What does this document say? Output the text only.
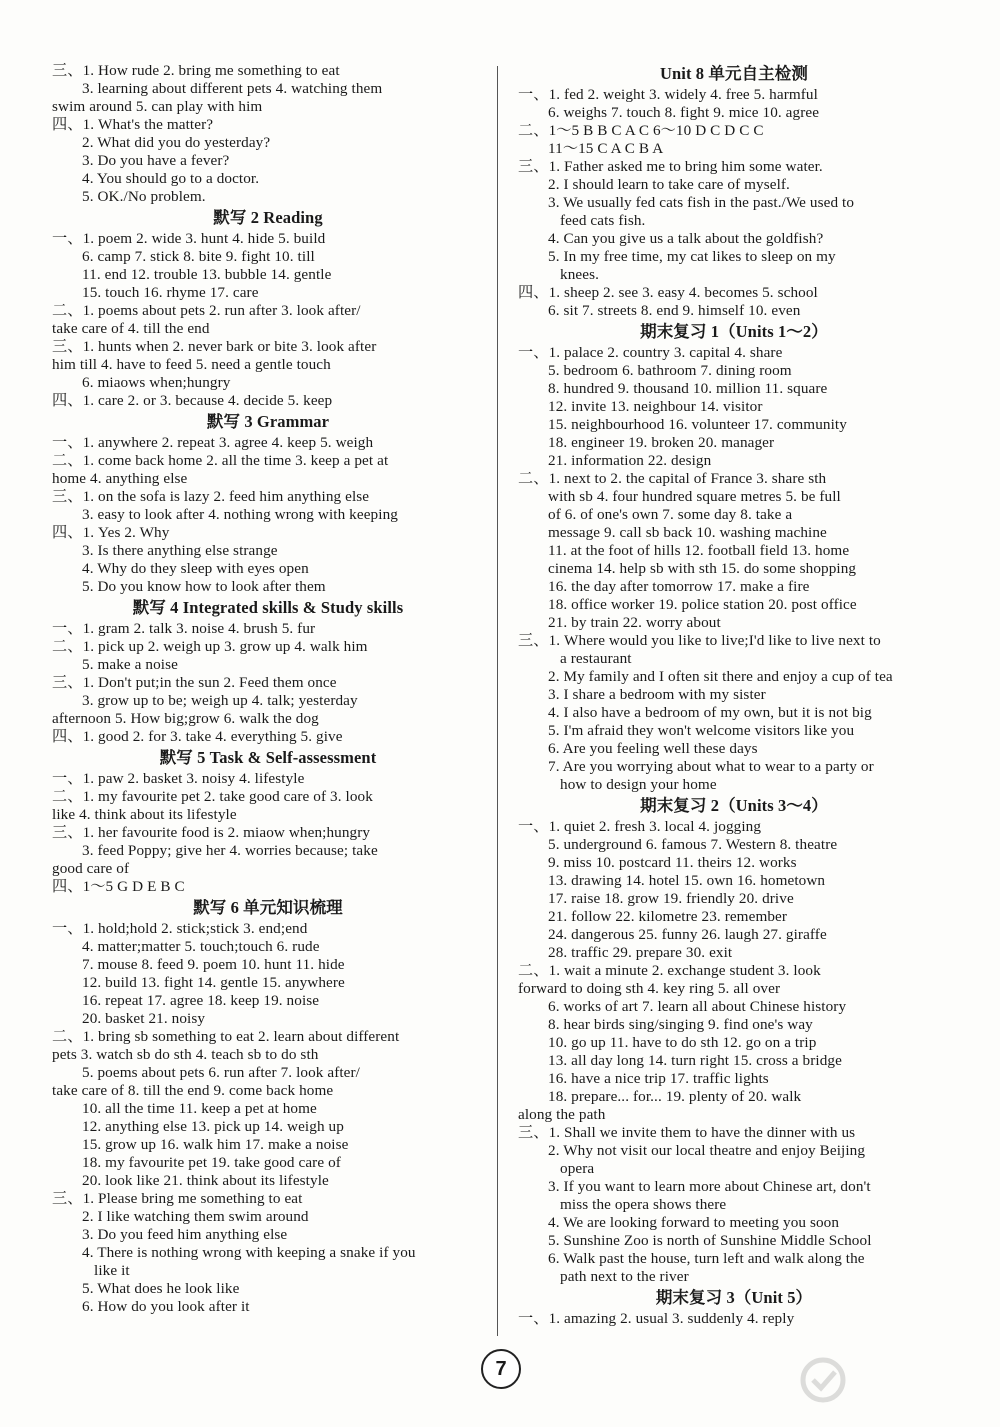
三、1. How rude 2. bring me something to eat
3. learning about different pets 4. watching them
swim around 5. can play with him
四、1. What's the matter?
2. What did you do yesterday?
3. Do you have a fever?
4. You should go to a doctor.
5. OK./No problem.
默写 2 Reading
一、1. poem 2. wide 3. hunt 4. hide 5. build
6. camp 7. stick 8. bite 9. fight 10. till
11. end 12. trouble 13. bubble 14. gentle
15. touch 16. rhyme 17. care
二、1. poems about pets 2. run after 3. look after/
take care of 4. till the end
三、1. hunts when 2. never bark or bite 3. look after
him till 4. have to feed 5. need a gentle touch
6. miaows when;hungry
四、1. care 2. or 3. because 4. decide 5. keep
默写 3 Grammar
一、1. anywhere 2. repeat 3. agree 4. keep 5. weigh
二、1. come back home 2. all the time 3. keep a pet at
home 4. anything else
三、1. on the sofa is lazy 2. feed him anything else
3. easy to look after 4. nothing wrong with keeping
四、1. Yes 2. Why
3. Is there anything else strange
4. Why do they sleep with eyes open
5. Do you know how to look after them
默写 4 Integrated skills & Study skills
一、1. gram 2. talk 3. noise 4. brush 5. fur
二、1. pick up 2. weigh up 3. grow up 4. walk him
5. make a noise
三、1. Don't put;in the sun 2. Feed them once
3. grow up to be; weigh up 4. talk; yesterday
afternoon 5. How big;grow 6. walk the dog
四、1. good 2. for 3. take 4. everything 5. give
默写 5 Task & Self-assessment
一、1. paw 2. basket 3. noisy 4. lifestyle
二、1. my favourite pet 2. take good care of 3. look
like 4. think about its lifestyle
三、1. her favourite food is 2. miaow when;hungry
3. feed Poppy; give her 4. worries because; take
good care of
四、1～5 G D E B C
默写 6 单元知识梳理
一、1. hold;hold 2. stick;stick 3. end;end
4. matter;matter 5. touch;touch 6. rude
7. mouse 8. feed 9. poem 10. hunt 11. hide
12. build 13. fight 14. gentle 15. anywhere
16. repeat 17. agree 18. keep 19. noise
20. basket 21. noisy
二、1. bring sb something to eat 2. learn about different
pets 3. watch sb do sth 4. teach sb to do sth
5. poems about pets 6. run after 7. look after/
take care of 8. till the end 9. come back home
10. all the time 11. keep a pet at home
12. anything else 13. pick up 14. weigh up
15. grow up 16. walk him 17. make a noise
18. my favourite pet 19. take good care of
20. look like 21. think about its lifestyle
三、1. Please bring me something to eat
2. I like watching them swim around
3. Do you feed him anything else
4. There is nothing wrong with keeping a snake if you
like it
5. What does he look like
6. How do you look after it
Unit 8 单元自主检测
一、1. fed 2. weight 3. widely 4. free 5. harmful
6. weighs 7. touch 8. fight 9. mice 10. agree
二、1～5 B B C A C 6～10 D C D C C
11～15 C A C B A
三、1. Father asked me to bring him some water.
2. I should learn to take care of myself.
3. We usually fed cats fish in the past./We used to
feed cats fish.
4. Can you give us a talk about the goldfish?
5. In my free time, my cat likes to sleep on my
knees.
四、1. sheep 2. see 3. easy 4. becomes 5. school
6. sit 7. streets 8. end 9. himself 10. even
期末复习 1（Units 1～2）
一、1. palace 2. country 3. capital 4. share
5. bedroom 6. bathroom 7. dining room
8. hundred 9. thousand 10. million 11. square
12. invite 13. neighbour 14. visitor
15. neighbourhood 16. volunteer 17. community
18. engineer 19. broken 20. manager
21. information 22. design
二、1. next to 2. the capital of France 3. share sth
with sb 4. four hundred square metres 5. be full
of 6. of one's own 7. some day 8. take a
message 9. call sb back 10. washing machine
11. at the foot of hills 12. football field 13. home
cinema 14. help sb with sth 15. do some shopping
16. the day after tomorrow 17. make a fire
18. office worker 19. police station 20. post office
21. by train 22. worry about
三、1. Where would you like to live;I'd like to live next to
a restaurant
2. My family and I often sit there and enjoy a cup of tea
3. I share a bedroom with my sister
4. I also have a bedroom of my own, but it is not big
5. I'm afraid they won't welcome visitors like you
6. Are you feeling well these days
7. Are you worrying about what to wear to a party or
how to design your home
期末复习 2（Units 3～4）
一、1. quiet 2. fresh 3. local 4. jogging
5. underground 6. famous 7. Western 8. theatre
9. miss 10. postcard 11. theirs 12. works
13. drawing 14. hotel 15. own 16. hometown
17. raise 18. grow 19. friendly 20. drive
21. follow 22. kilometre 23. remember
24. dangerous 25. funny 26. laugh 27. giraffe
28. traffic 29. prepare 30. exit
二、1. wait a minute 2. exchange student 3. look
forward to doing sth 4. key ring 5. all over
6. works of art 7. learn all about Chinese history
8. hear birds sing/singing 9. find one's way
10. go up 11. have to do sth 12. go on a trip
13. all day long 14. turn right 15. cross a bridge
16. have a nice trip 17. traffic lights
18. prepare... for... 19. plenty of 20. walk
along the path
三、1. Shall we invite them to have the dinner with us
2. Why not visit our local theatre and enjoy Beijing
opera
3. If you want to learn more about Chinese art, don't
miss the opera shows there
4. We are looking forward to meeting you soon
5. Sunshine Zoo is north of Sunshine Middle School
6. Walk past the house, turn left and walk along the
path next to the river
期末复习 3（Unit 5）
一、1. amazing 2. usual 3. suddenly 4. reply
7
